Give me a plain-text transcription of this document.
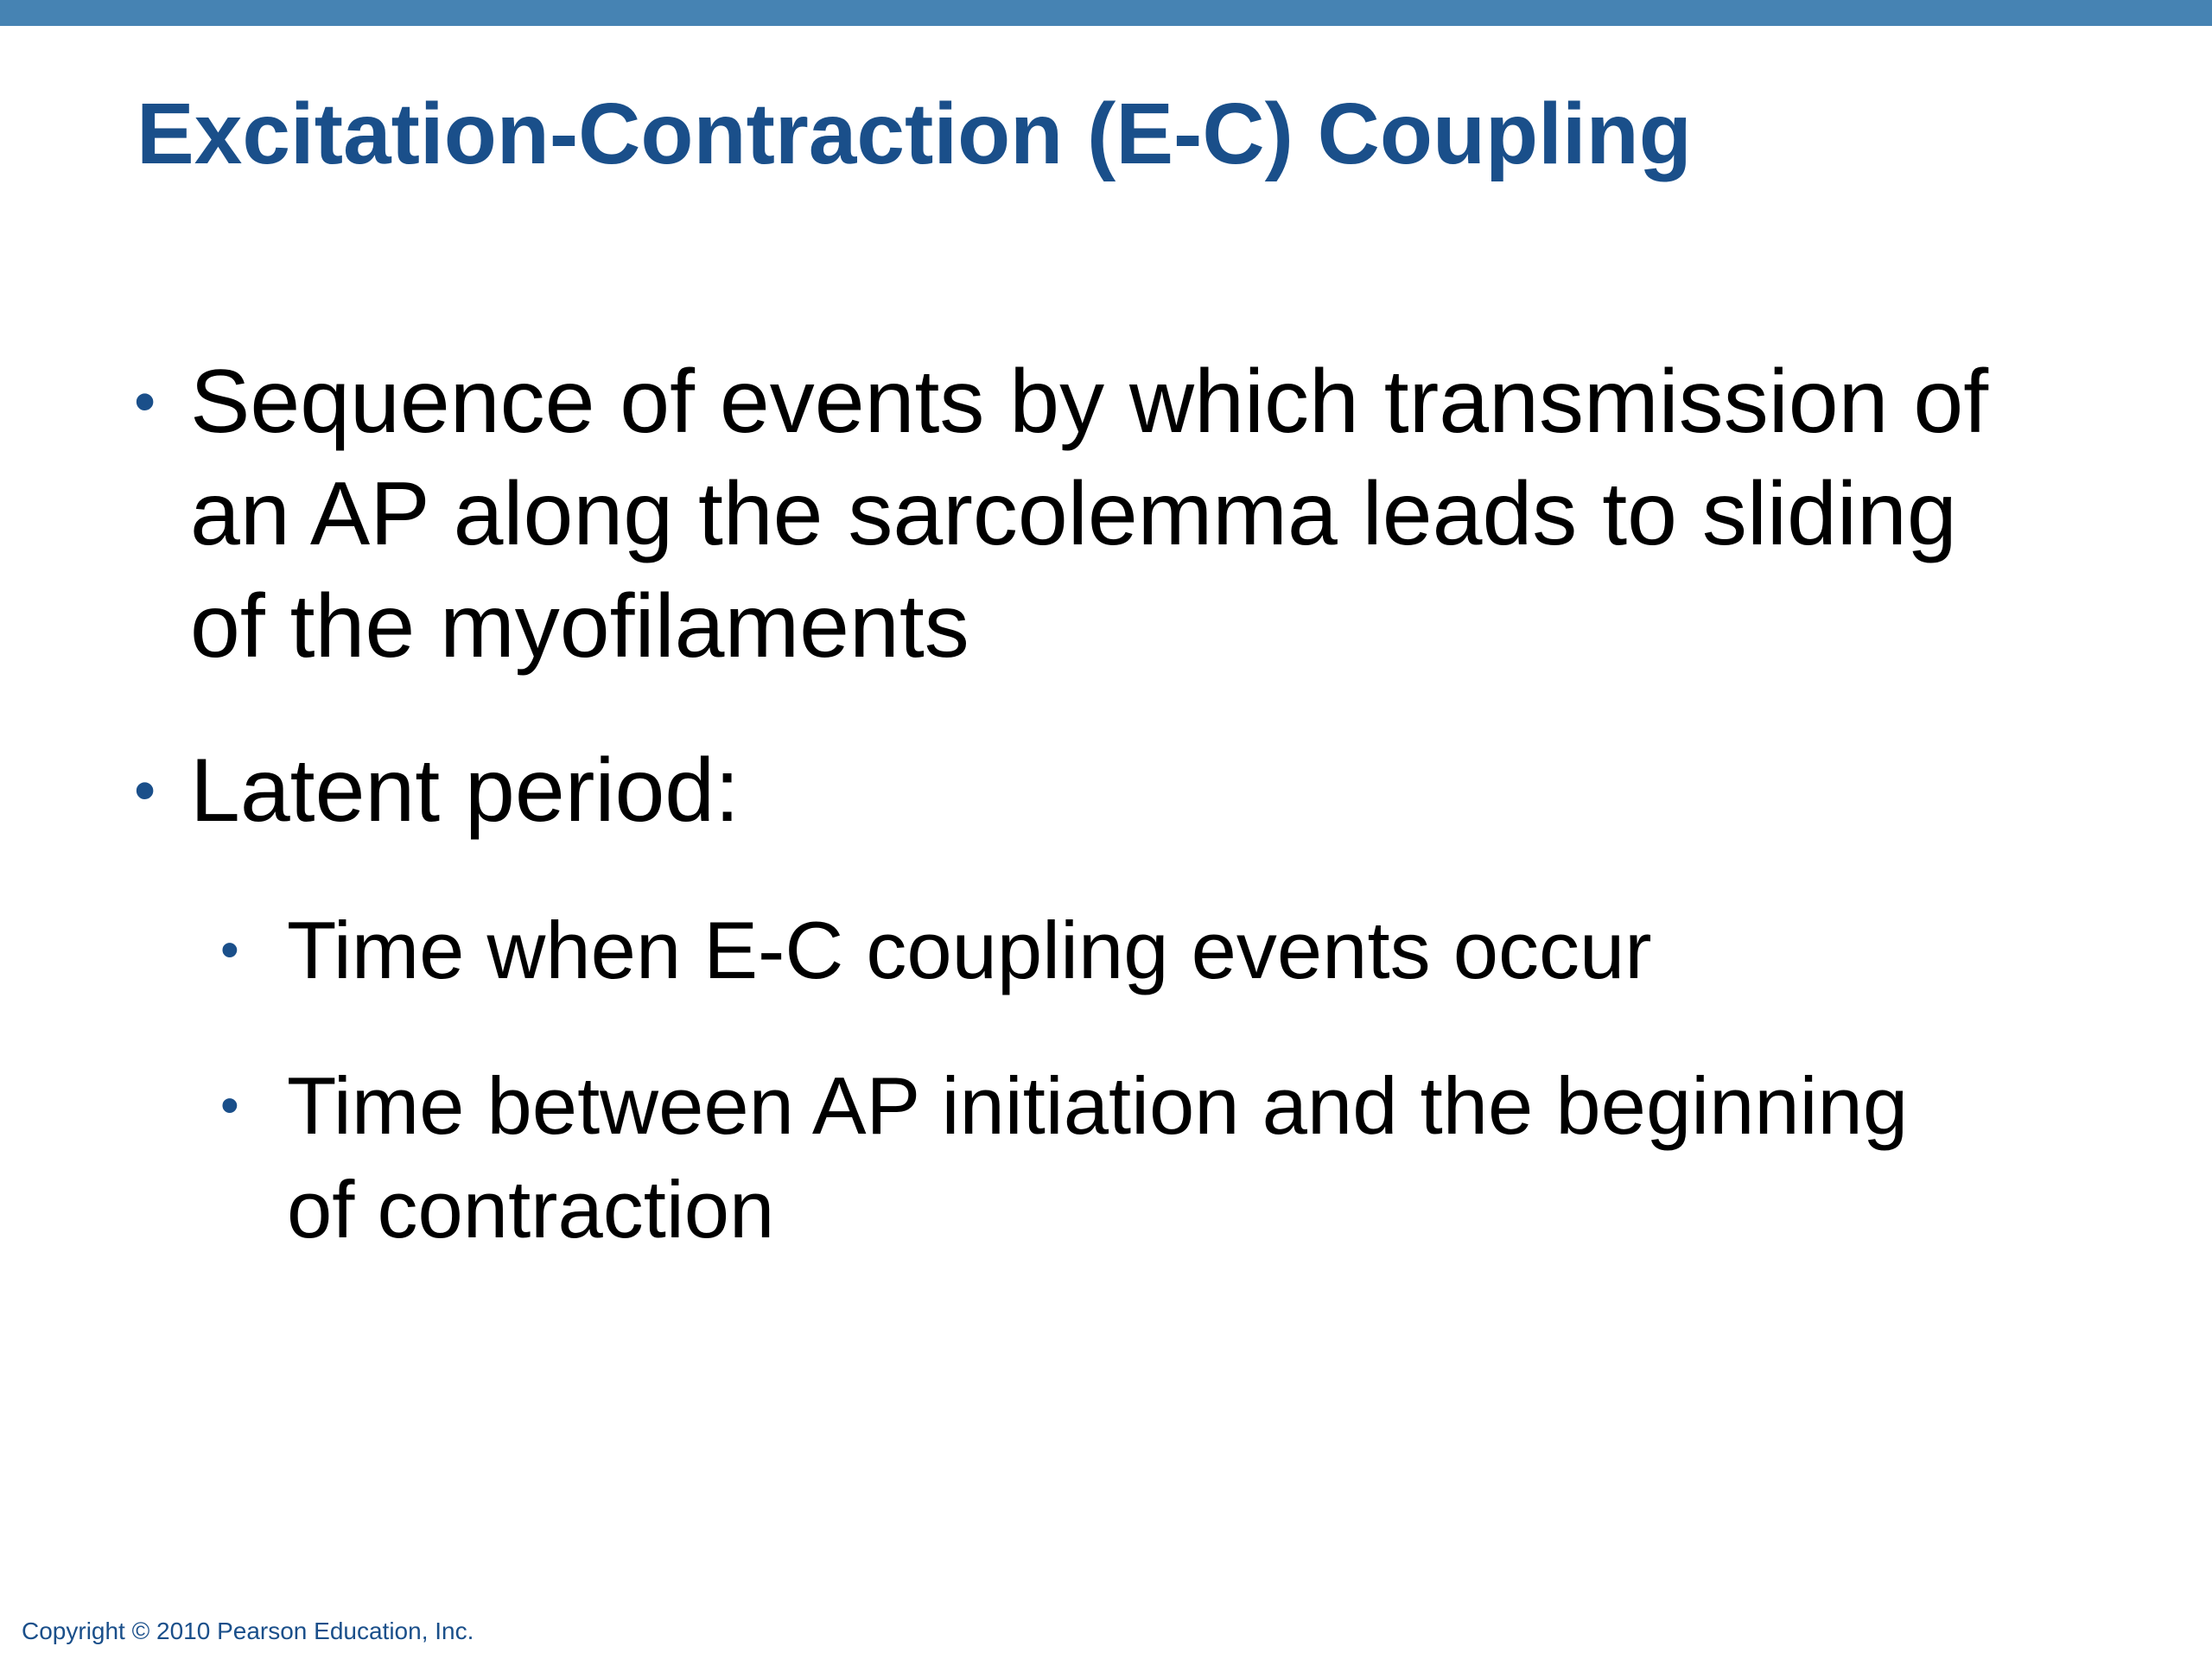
Excitation-Contraction (E-C) Coupling
• Sequence of events by which transmission of
an AP along the sarcolemma leads to sliding
of the myofilaments
• Latent period:
• Time when E-C coupling events occur
• Time between AP initiation and the beginning
of contraction
Copyright © 2010 Pearson Education, Inc.
